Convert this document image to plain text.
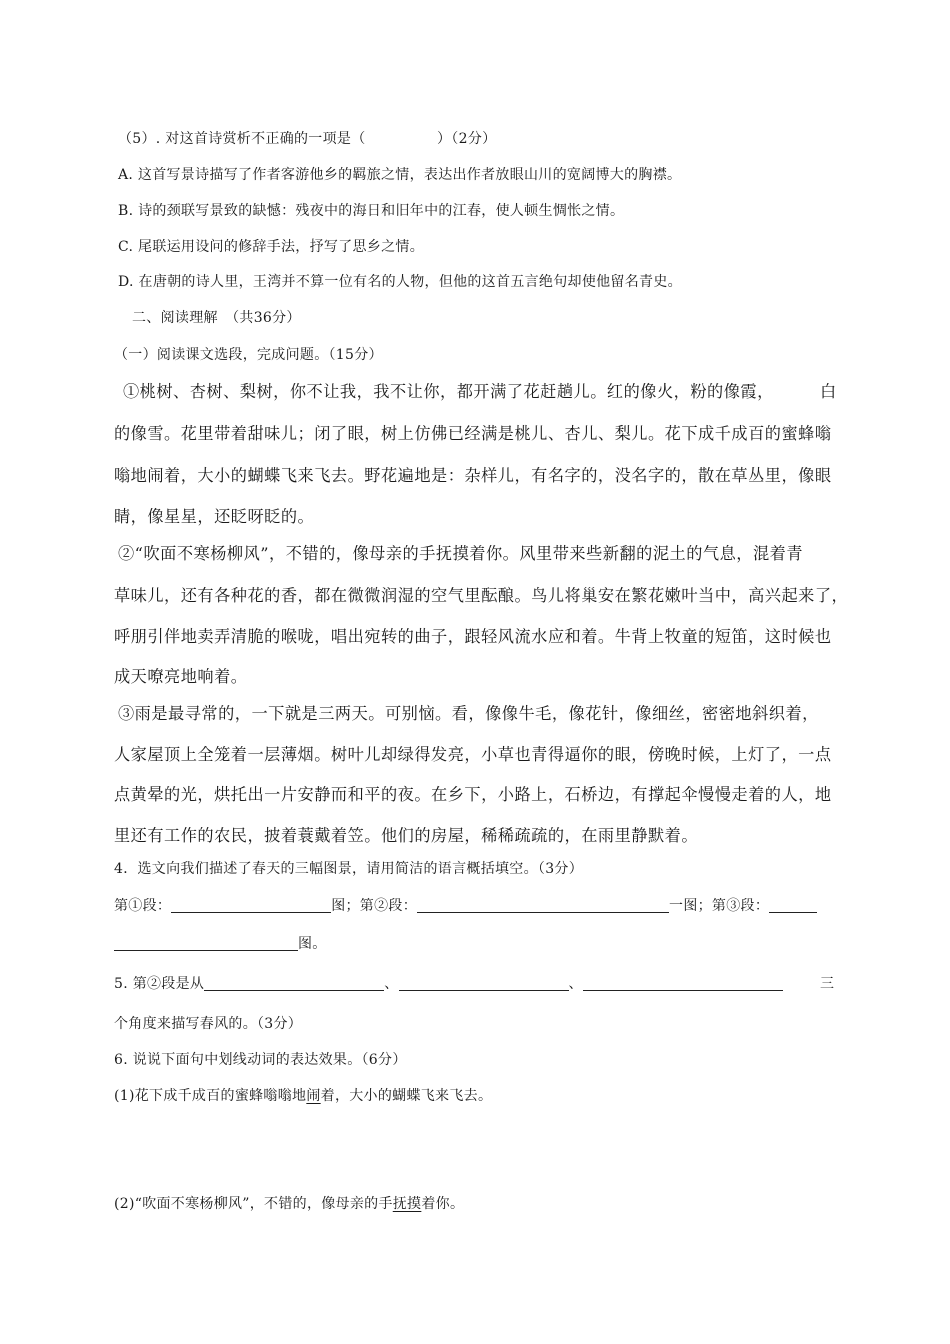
（5）. 对这首诗赏析不正确的一项是（　　　　　）（2分）
A. 这首写景诗描写了作者客游他乡的羁旅之情，表达出作者放眼山川的宽阔博大的胸襟。
B. 诗的颈联写景致的缺憾：残夜中的海日和旧年中的江春，使人顿生惆怅之情。
C. 尾联运用设问的修辞手法，抒写了思乡之情。
D. 在唐朝的诗人里，王湾并不算一位有名的人物，但他的这首五言绝句却使他留名青史。
二、阅读理解　（共36分）
（一）阅读课文选段，完成问题。（15分）
①桃树、杏树、梨树，你不让我，我不让你，都开满了花赶趟儿。红的像火，粉的像霞，	白
的像雪。花里带着甜味儿；闭了眼，树上仿佛已经满是桃儿、杏儿、梨儿。花下成千成百的蜜蜂嗡
嗡地闹着，大小的蝴蝶飞来飞去。野花遍地是：杂样儿，有名字的，没名字的，散在草丛里，像眼
睛，像星星，还眨呀眨的。
②“吹面不寒杨柳风”，不错的，像母亲的手抚摸着你。风里带来些新翻的泥土的气息，混着青
草味儿，还有各种花的香，都在微微润湿的空气里酝酿。鸟儿将巢安在繁花嫩叶当中，高兴起来了，
呼朋引伴地卖弄清脆的喉咙，唱出宛转的曲子，跟轻风流水应和着。牛背上牧童的短笛，这时候也
成天嘹亮地响着。
③雨是最寻常的，一下就是三两天。可别恼。看，像像牛毛，像花针，像细丝，密密地斜织着，
人家屋顶上全笼着一层薄烟。树叶儿却绿得发亮，小草也青得逼你的眼，傍晚时候，上灯了，一点
点黄晕的光，烘托出一片安静而和平的夜。在乡下，小路上，石桥边，有撑起伞慢慢走着的人，地
里还有工作的农民，披着蓑戴着笠。他们的房屋，稀稀疏疏的，在雨里静默着。
4．选文向我们描述了春天的三幅图景，请用简洁的语言概括填空。（3分）
第①段：	图；第②段：	一图；第③段：
图。
5. 第②段是从	、	、	三
个角度来描写春风的。（3分）
6. 说说下面句中划线动词的表达效果。（6分）
(1)花下成千成百的蜜蜂嗡嗡地闹着，大小的蝴蝶飞来飞去。
(2)“吹面不寒杨柳风”，不错的，像母亲的手抚摸着你。
